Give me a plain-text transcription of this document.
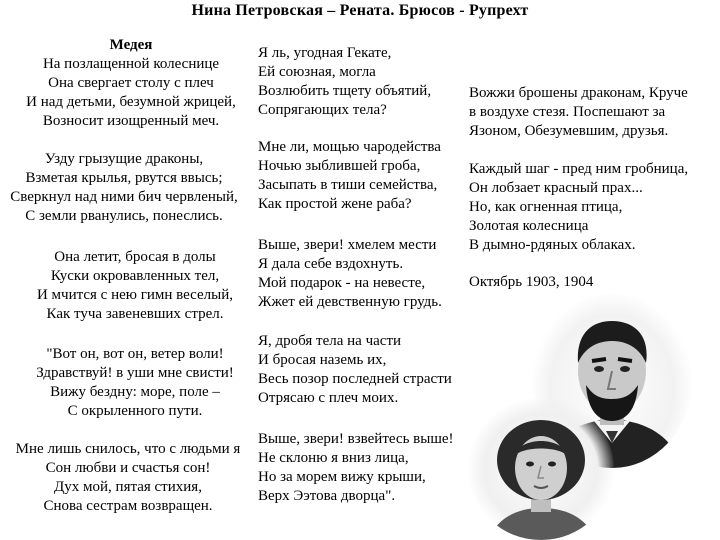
Нина Петровская – Рената. Брюсов - Рупрехт
Медея
На позлащенной колеснице
Она свергает столу с плеч
И над детьми, безумной жрицей,
Возносит изощренный меч.
Узду грызущие драконы,
Взметая крылья, рвутся ввысь;
Сверкнул над ними бич червленый,
С земли рванулись, понеслись.
Она летит, бросая в долы
Куски окровавленных тел,
И мчится с нею гимн веселый,
Как туча завеневших стрел.
"Вот он, вот он, ветер воли!
Здравствуй! в уши мне свисти!
Вижу бездну: море, поле –
С окрыленного пути.
Мне лишь снилось, что с людьми я
Сон любви и счастья сон!
Дух мой, пятая стихия,
Снова сестрам возвращен.
Я ль, угодная Гекате,
Ей союзная, могла
Возлюбить тщету объятий,
Сопрягающих тела?
Мне ли, мощью чародейства
Ночью зыблившей гроба,
Засыпать в тиши семейства,
Как простой жене раба?
Выше, звери! хмелем мести
Я дала себе вздохнуть.
Мой подарок - на невесте,
Жжет ей девственную грудь.
Я, дробя тела на части
И бросая наземь их,
Весь позор последней страсти
Отрясаю с плеч моих.
Выше, звери! взвейтесь выше!
Не склоню я вниз лица,
Но за морем вижу крыши,
Верх Ээтова дворца".
Вожжи брошены драконам, Круче
в воздухе стезя. Поспешают за
Язоном, Обезумевшим, друзья.
Каждый шаг - пред ним гробница,
Он лобзает красный прах...
Но, как огненная птица,
Золотая колесница
В дымно-рдяных облаках.
Октябрь 1903, 1904
